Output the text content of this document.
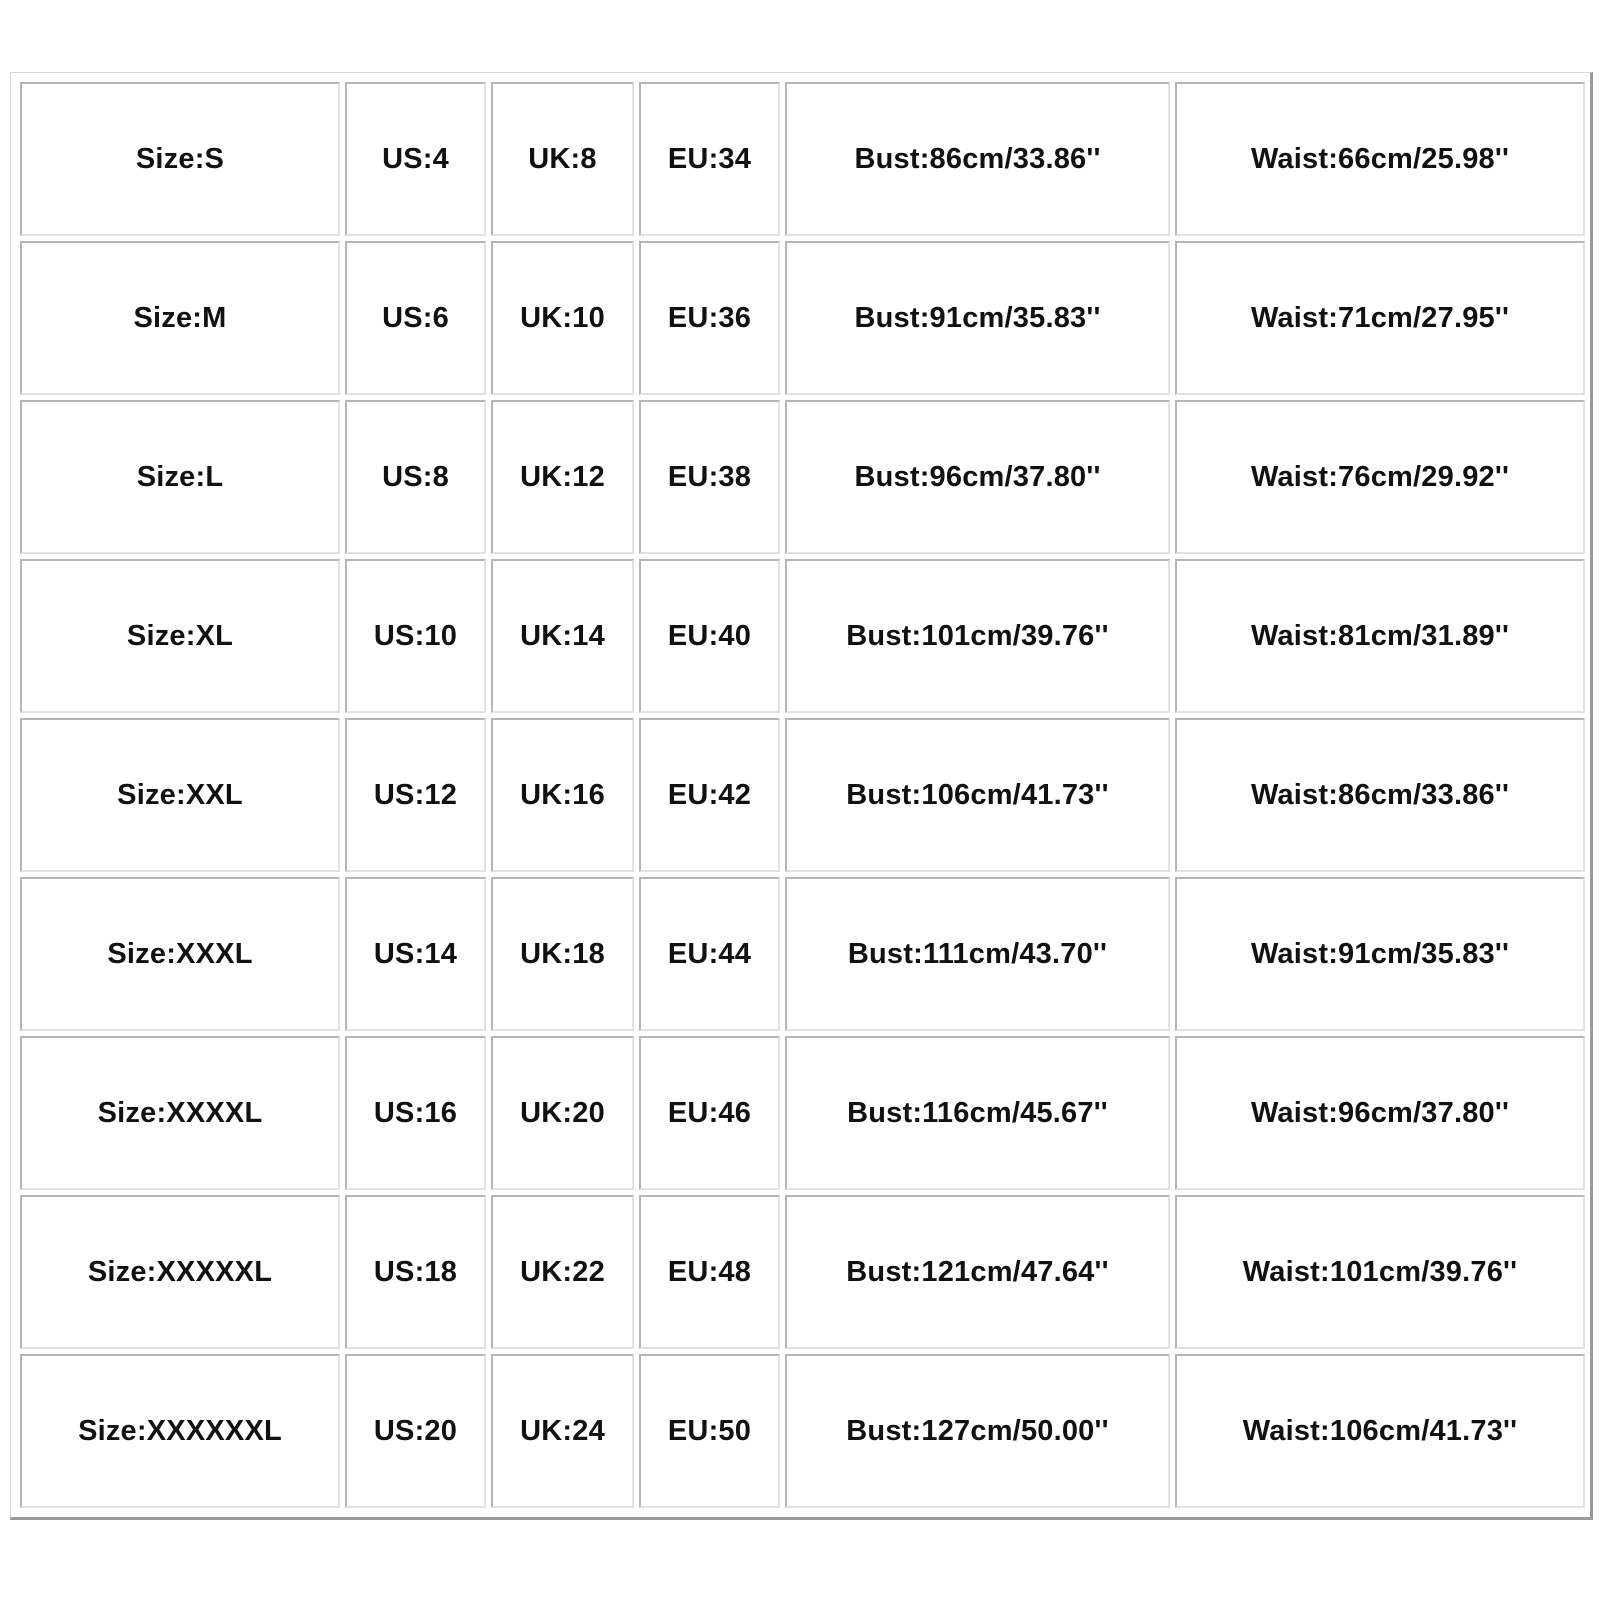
Size:S	US:4	UK:8	EU:34	Bust:86cm/33.86''	Waist:66cm/25.98''
Size:M	US:6	UK:10	EU:36	Bust:91cm/35.83''	Waist:71cm/27.95''
Size:L	US:8	UK:12	EU:38	Bust:96cm/37.80''	Waist:76cm/29.92''
Size:XL	US:10	UK:14	EU:40	Bust:101cm/39.76''	Waist:81cm/31.89''
Size:XXL	US:12	UK:16	EU:42	Bust:106cm/41.73''	Waist:86cm/33.86''
Size:XXXL	US:14	UK:18	EU:44	Bust:111cm/43.70''	Waist:91cm/35.83''
Size:XXXXL	US:16	UK:20	EU:46	Bust:116cm/45.67''	Waist:96cm/37.80''
Size:XXXXXL	US:18	UK:22	EU:48	Bust:121cm/47.64''	Waist:101cm/39.76''
Size:XXXXXXL	US:20	UK:24	EU:50	Bust:127cm/50.00''	Waist:106cm/41.73''
